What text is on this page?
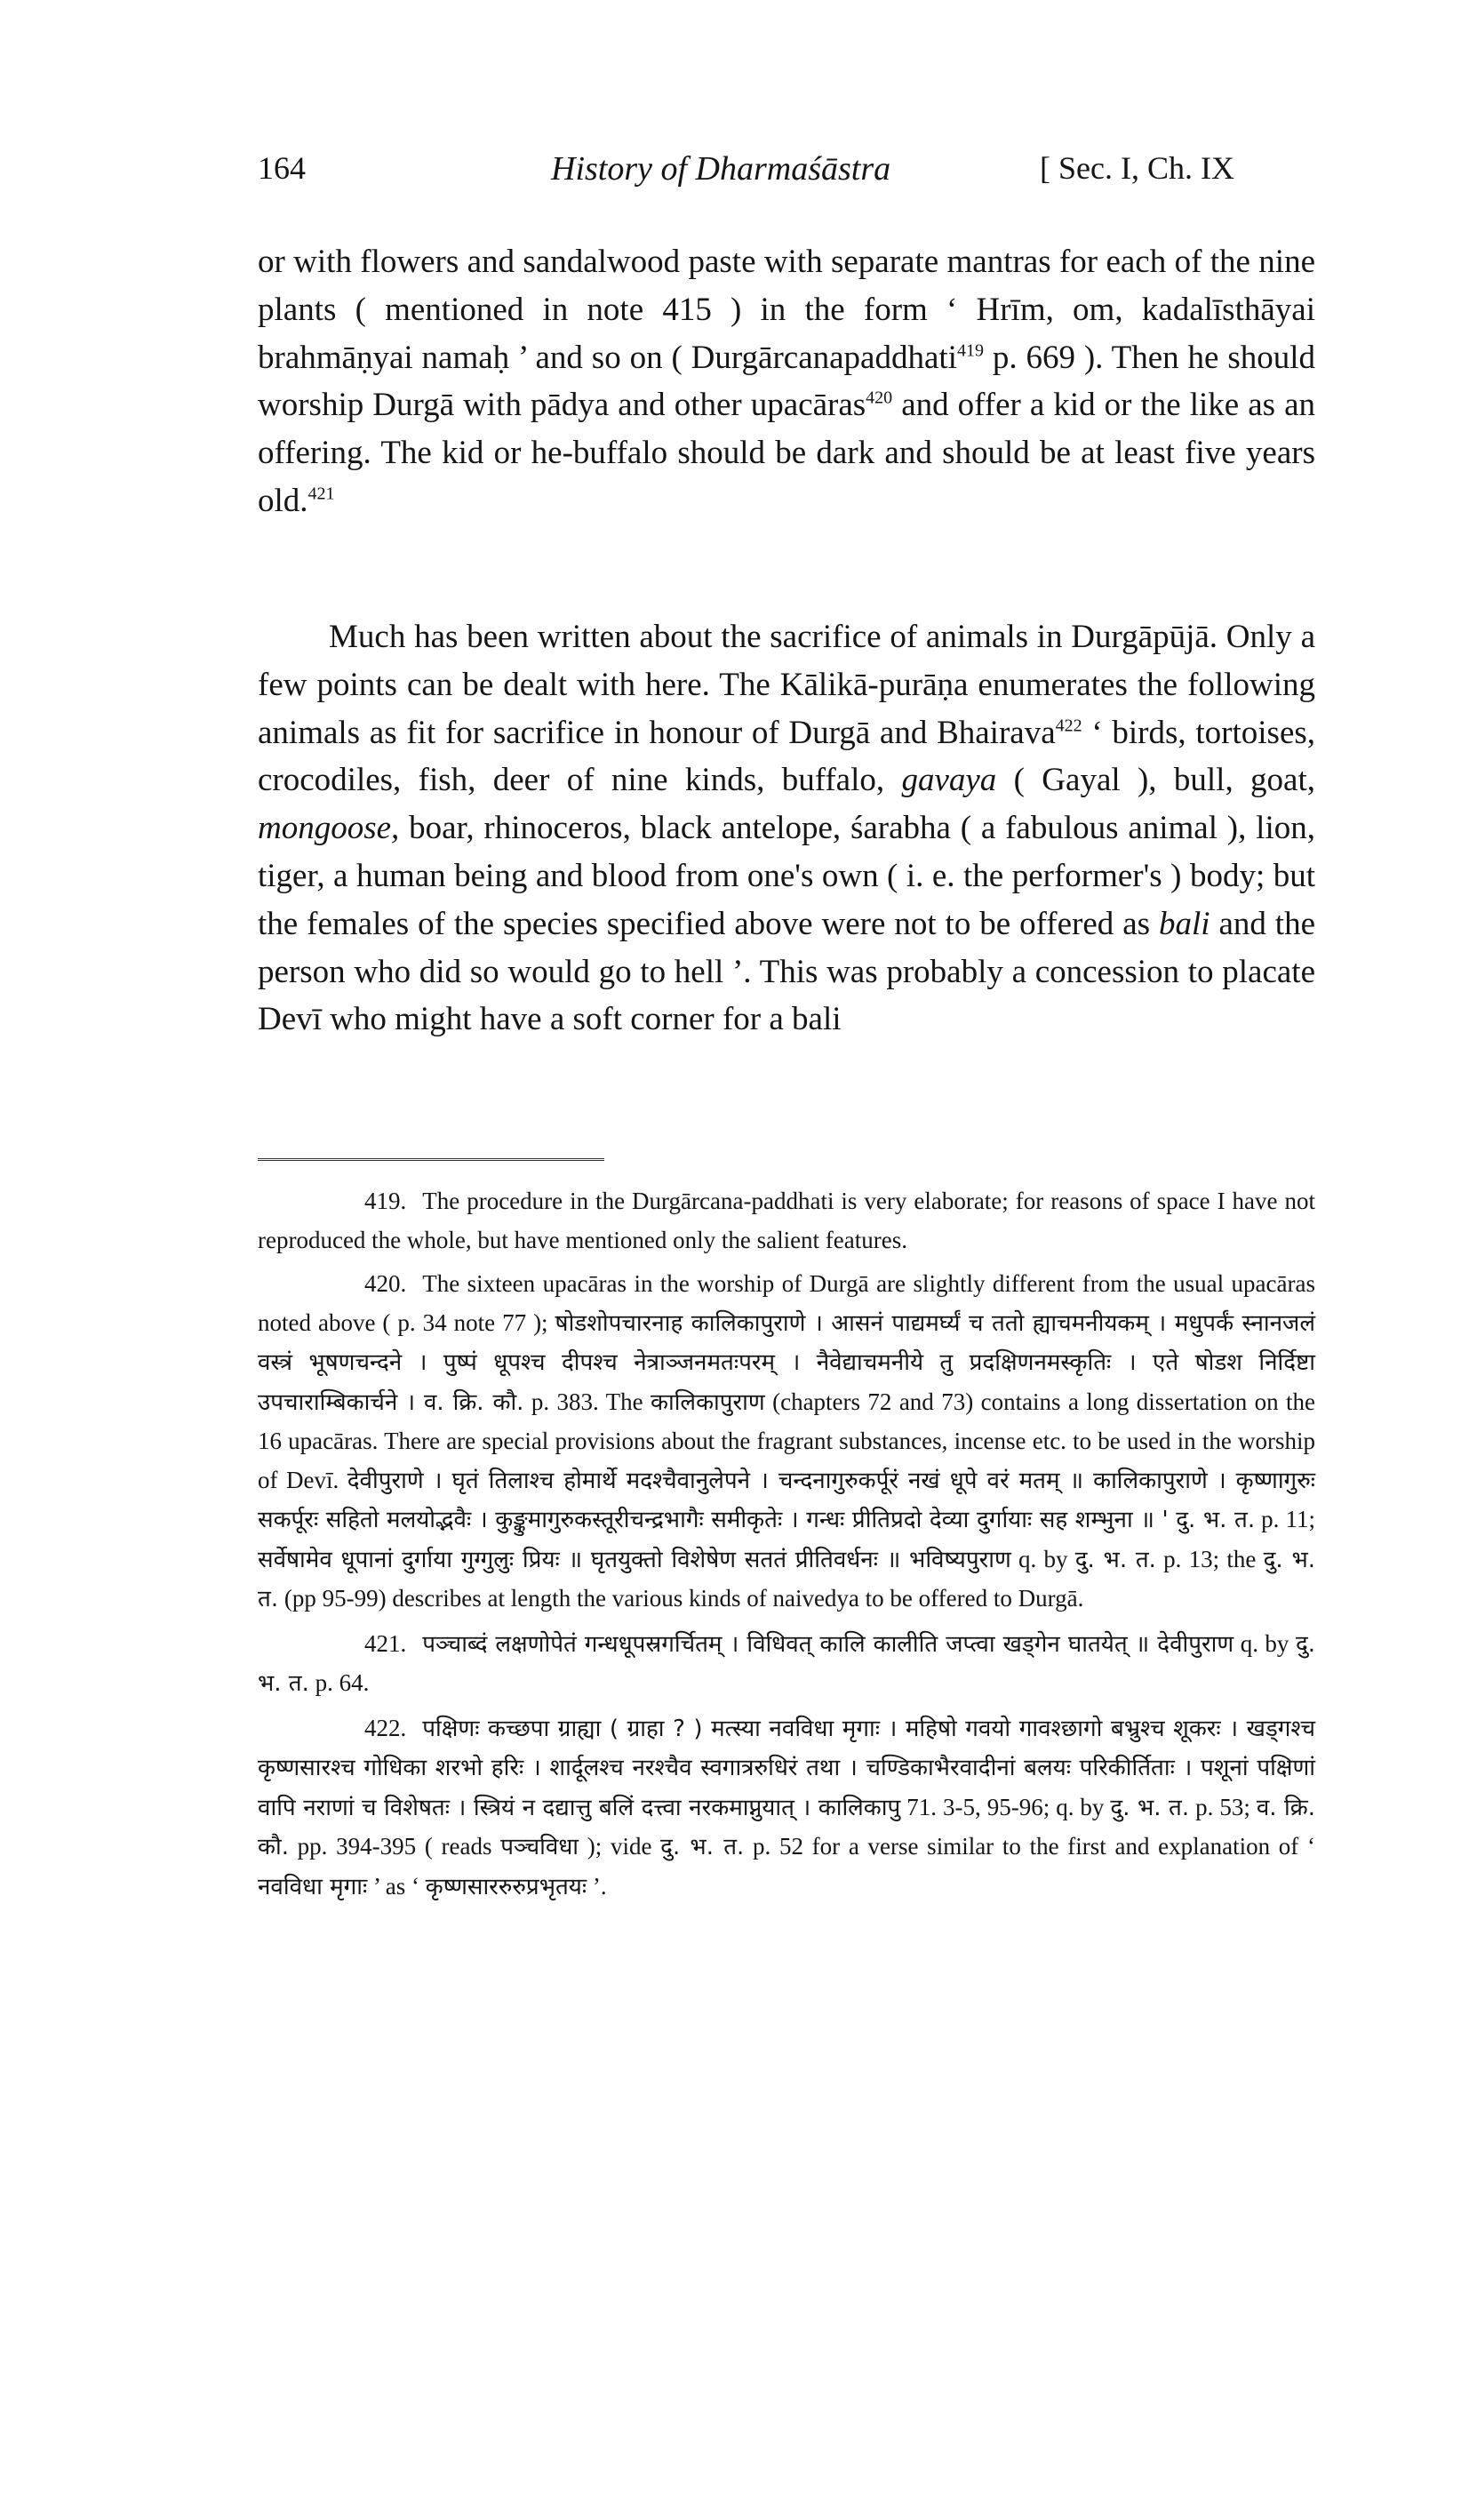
164	History of Dharmaśāstra	[ Sec. I, Ch. IX

or with flowers and sandalwood paste with separate mantras for each of the nine plants ( mentioned in note 415 ) in the form ‘ Hrīm, om, kadalīsthāyai brahmāṇyai namaḥ ’ and so on ( Durgārcanapaddhati$^{419}$ p. 669 ). Then he should worship Durgā with pādya and other upacāras$^{420}$ and offer a kid or the like as an offering. The kid or he-buffalo should be dark and should be at least five years old.$^{421}$

Much has been written about the sacrifice of animals in Durgāpūjā. Only a few points can be dealt with here. The Kālikā-purāṇa enumerates the following animals as fit for sacrifice in honour of Durgā and Bhairava$^{422}$ ‘ birds, tortoises, crocodiles, fish, deer of nine kinds, buffalo, gavaya ( Gayal ), bull, goat, mongoose, boar, rhinoceros, black antelope, śarabha ( a fabulous animal ), lion, tiger, a human being and blood from one's own ( i. e. the performer's ) body; but the females of the species specified above were not to be offered as bali and the person who did so would go to hell ’. This was probably a concession to placate Devī who might have a soft corner for a bali

419. The procedure in the Durgārcana-paddhati is very elaborate; for reasons of space I have not reproduced the whole, but have mentioned only the salient features.

420. The sixteen upacāras in the worship of Durgā are slightly different from the usual upacāras noted above ( p. 34 note 77 ); षोडशोपचारनाह कालिकापुराणे । आसनं पाद्यमर्घ्यं च ततो ह्याचमनीयकम् । मधुपर्कं स्नानजलं वस्त्रं भूषणचन्दने । पुष्पं धूपश्च दीपश्च नेत्राञ्जनमतःपरम् । नैवेद्याचमनीये तु प्रदक्षिणनमस्कृतिः । एते षोडश निर्दिष्टा उपचाराम्बिकार्चने । व. क्रि. कौ. p. 383. The कालिकापुराण (chapters 72 and 73) contains a long dissertation on the 16 upacāras. There are special provisions about the fragrant substances, incense etc. to be used in the worship of Devī. देवीपुराणे । घृतं तिलाश्च होमार्थे मदश्चैवानुलेपने । चन्दनागुरुकर्पूरं नखं धूपे वरं मतम् ॥ कालिकापुराणे । कृष्णागुरुः सकर्पूरः सहितो मलयोद्भवैः । कुङ्कुमागुरुकस्तूरीचन्द्रभागैः समीकृतेः । गन्धः प्रीतिप्रदो देव्या दुर्गायाः सह शम्भुना ॥ ' दु. भ. त. p. 11; सर्वेषामेव धूपानां दुर्गाया गुग्गुलुः प्रियः ॥ घृतयुक्तो विशेषेण सततं प्रीतिवर्धनः ॥ भविष्यपुराण q. by दु. भ. त. p. 13; the दु. भ. त. (pp 95-99) describes at length the various kinds of naivedya to be offered to Durgā.

421. पञ्चाब्दं लक्षणोपेतं गन्धधूपस्रगर्चितम् । विधिवत् कालि कालीति जप्त्वा खड्गेन घातयेत् ॥ देवीपुराण q. by दु. भ. त. p. 64.

422. पक्षिणः कच्छपा ग्राह्या ( ग्राहा ? ) मत्स्या नवविधा मृगाः । महिषो गवयो गावश्छागो बभ्रुश्च शूकरः । खड्गश्च कृष्णसारश्च गोधिका शरभो हरिः । शार्दूलश्च नरश्चैव स्वगात्ररुधिरं तथा । चण्डिकाभैरवादीनां बलयः परिकीर्तिताः । पशूनां पक्षिणां वापि नराणां च विशेषतः । स्त्रियं न दद्यात्तु बलिं दत्त्वा नरकमाप्नुयात् । कालिकापु 71. 3-5, 95-96; q. by दु. भ. त. p. 53; व. क्रि. कौ. pp. 394-395 ( reads पञ्चविधा ); vide दु. भ. त. p. 52 for a verse similar to the first and explanation of ‘ नवविधा मृगाः ’ as ‘ कृष्णसाररुरुप्रभृतयः ’.
